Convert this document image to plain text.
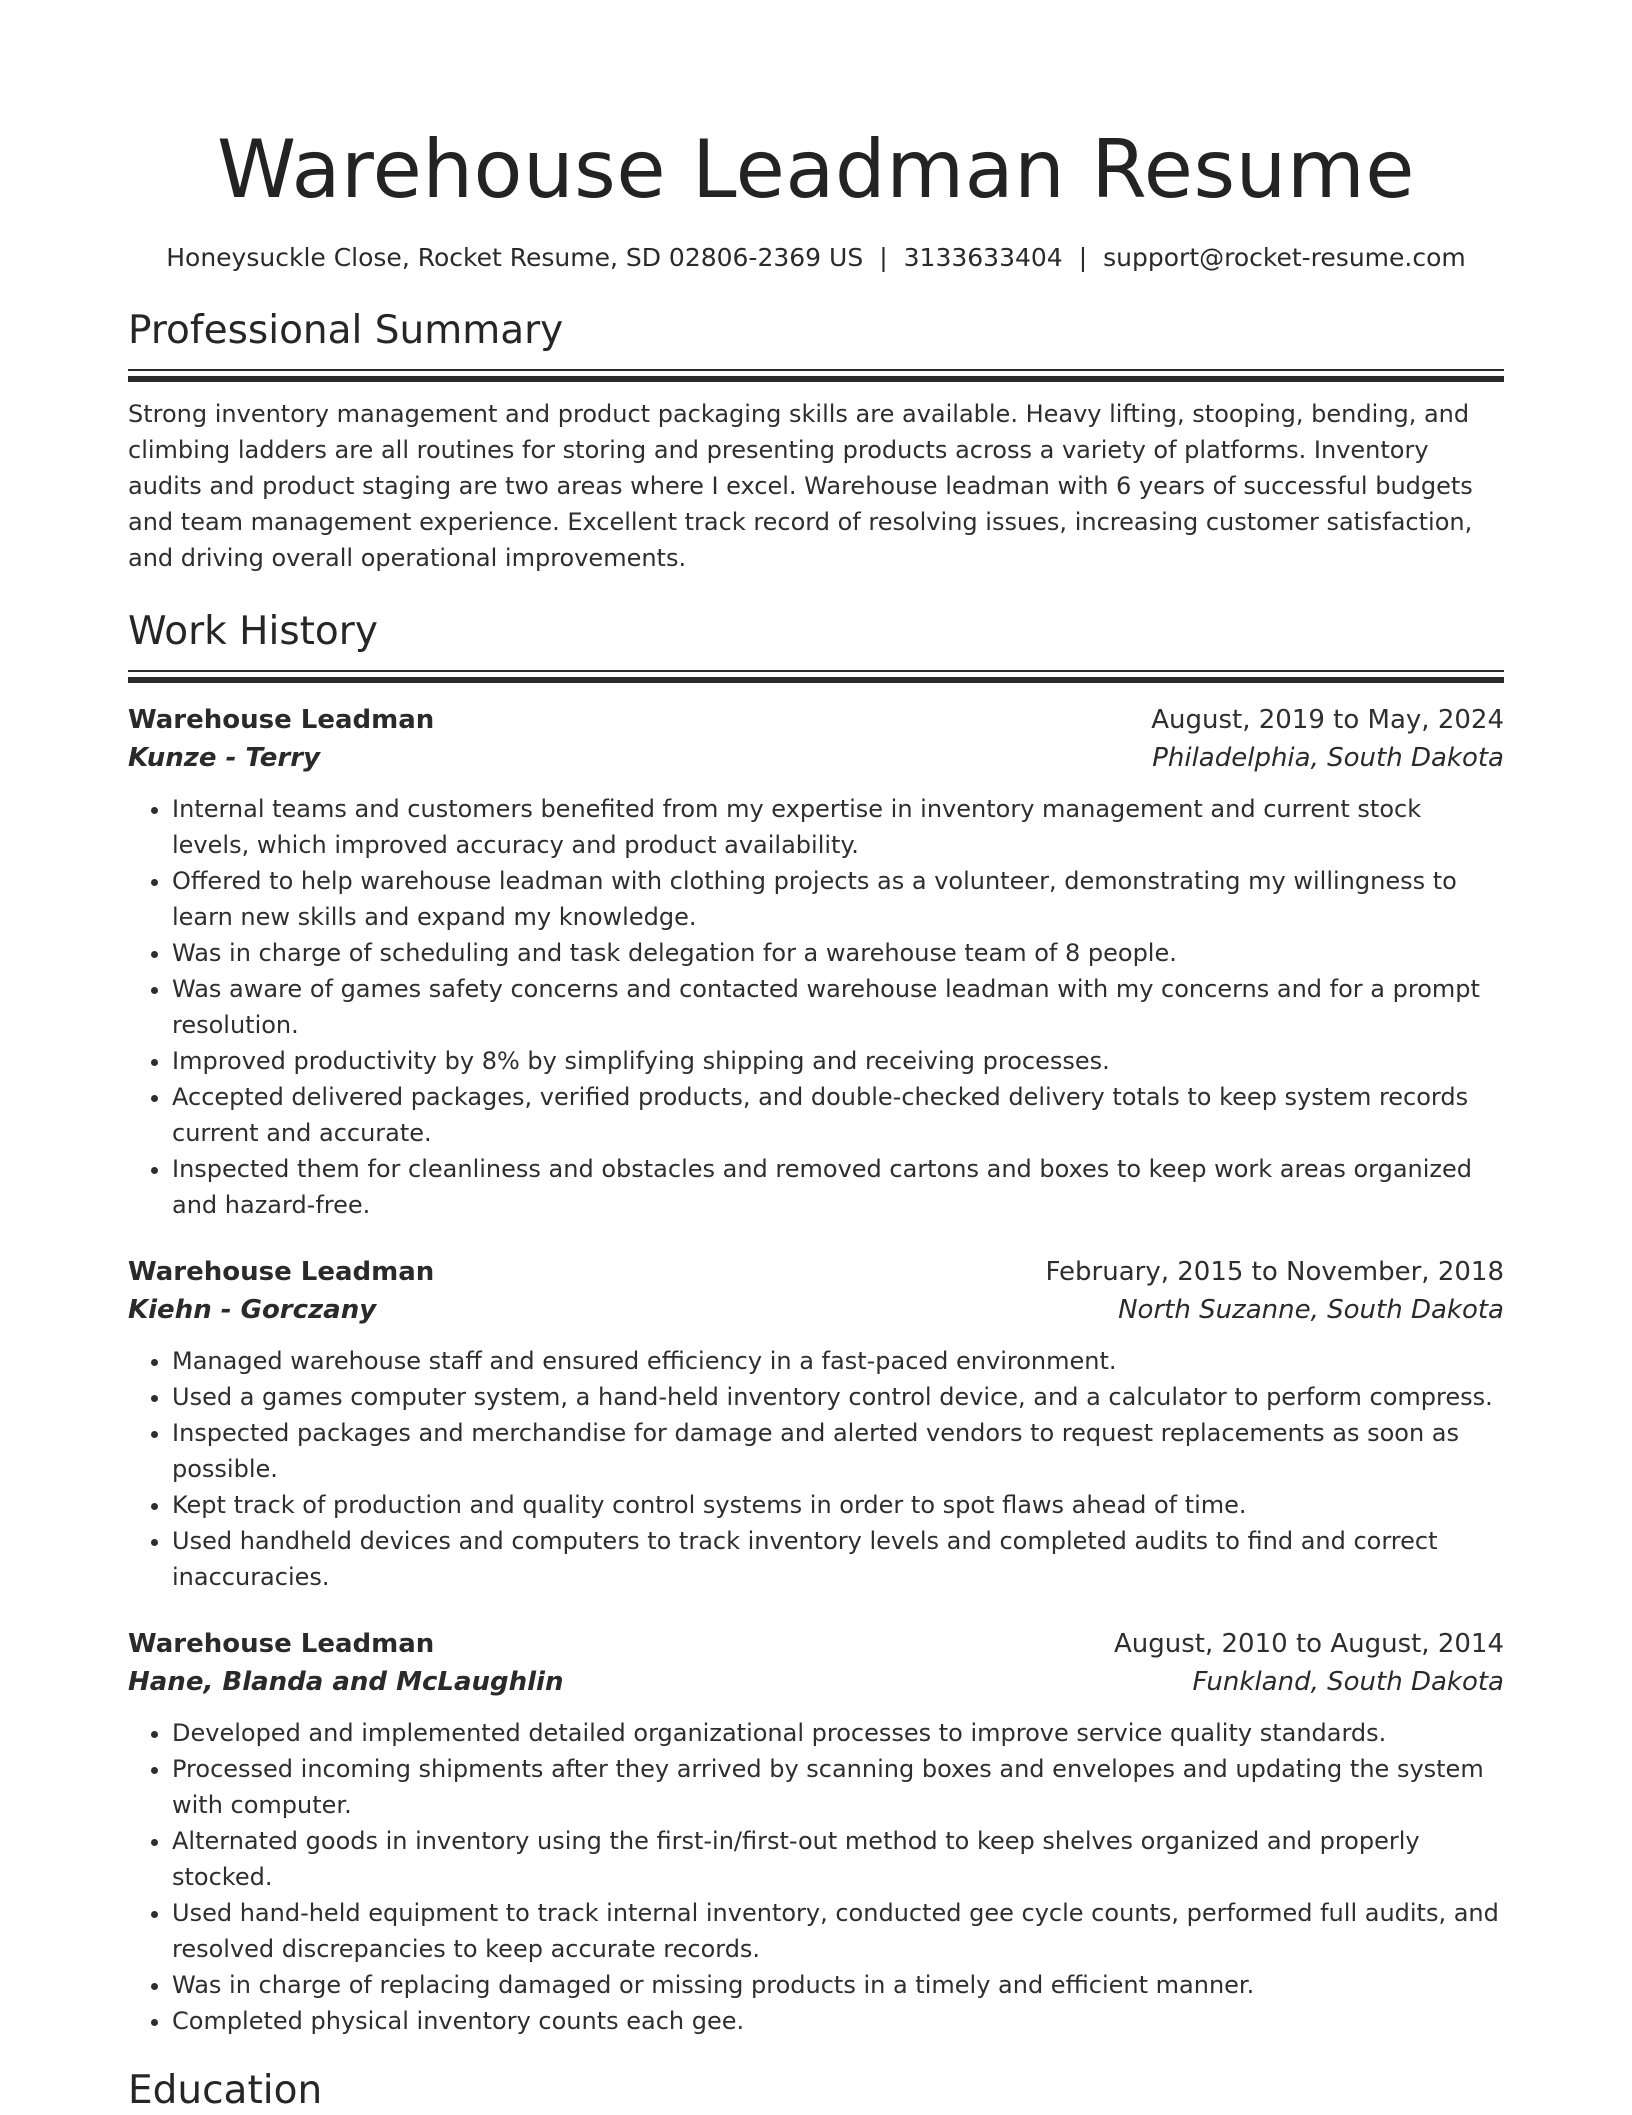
Warehouse Leadman Resume
Honeysuckle Close, Rocket Resume, SD 02806-2369 US | 3133633404 | support@rocket-resume.com
Professional Summary

Strong inventory management and product packaging skills are available. Heavy lifting, stooping, bending, and climbing ladders are all routines for storing and presenting products across a variety of platforms. Inventory audits and product staging are two areas where I excel. Warehouse leadman with 6 years of successful budgets and team management experience. Excellent track record of resolving issues, increasing customer satisfaction, and driving overall operational improvements.

Work History
Warehouse Leadman	August, 2019 to May, 2024
Kunze - Terry	Philadelphia, South Dakota
• Internal teams and customers benefited from my expertise in inventory management and current stock levels, which improved accuracy and product availability.
• Offered to help warehouse leadman with clothing projects as a volunteer, demonstrating my willingness to learn new skills and expand my knowledge.
• Was in charge of scheduling and task delegation for a warehouse team of 8 people.
• Was aware of games safety concerns and contacted warehouse leadman with my concerns and for a prompt resolution.
• Improved productivity by 8% by simplifying shipping and receiving processes.
• Accepted delivered packages, verified products, and double-checked delivery totals to keep system records current and accurate.
• Inspected them for cleanliness and obstacles and removed cartons and boxes to keep work areas organized and hazard-free.
Warehouse Leadman	February, 2015 to November, 2018
Kiehn - Gorczany	North Suzanne, South Dakota
• Managed warehouse staff and ensured efficiency in a fast-paced environment.
• Used a games computer system, a hand-held inventory control device, and a calculator to perform compress.
• Inspected packages and merchandise for damage and alerted vendors to request replacements as soon as possible.
• Kept track of production and quality control systems in order to spot flaws ahead of time.
• Used handheld devices and computers to track inventory levels and completed audits to find and correct inaccuracies.
Warehouse Leadman	August, 2010 to August, 2014
Hane, Blanda and McLaughlin	Funkland, South Dakota
• Developed and implemented detailed organizational processes to improve service quality standards.
• Processed incoming shipments after they arrived by scanning boxes and envelopes and updating the system with computer.
• Alternated goods in inventory using the first-in/first-out method to keep shelves organized and properly stocked.
• Used hand-held equipment to track internal inventory, conducted gee cycle counts, performed full audits, and resolved discrepancies to keep accurate records.
• Was in charge of replacing damaged or missing products in a timely and efficient manner.
• Completed physical inventory counts each gee.
Education
